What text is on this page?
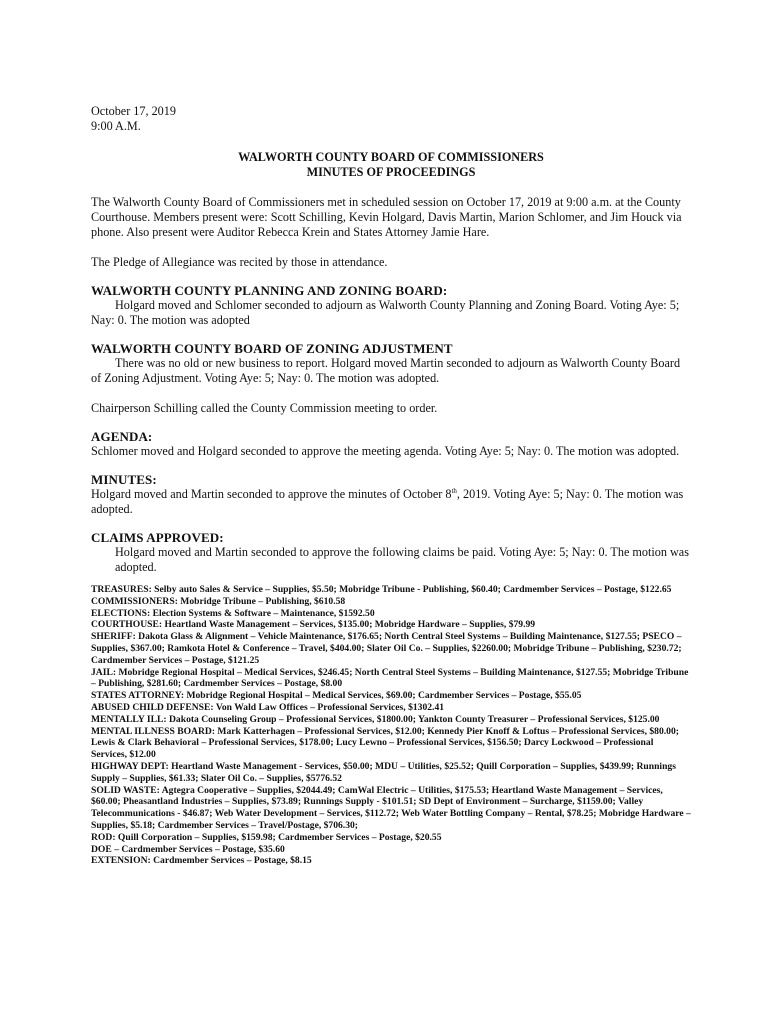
October 17, 2019
9:00 A.M.
WALWORTH COUNTY BOARD OF COMMISSIONERS
MINUTES OF PROCEEDINGS

The Walworth County Board of Commissioners met in scheduled session on October 17, 2019 at 9:00 a.m. at the County Courthouse. Members present were: Scott Schilling, Kevin Holgard, Davis Martin, Marion Schlomer, and Jim Houck via phone. Also present were Auditor Rebecca Krein and States Attorney Jamie Hare.

The Pledge of Allegiance was recited by those in attendance.

WALWORTH COUNTY PLANNING AND ZONING BOARD:

Holgard moved and Schlomer seconded to adjourn as Walworth County Planning and Zoning Board. Voting Aye: 5; Nay: 0. The motion was adopted

WALWORTH COUNTY BOARD OF ZONING ADJUSTMENT

There was no old or new business to report. Holgard moved Martin seconded to adjourn as Walworth County Board of Zoning Adjustment. Voting Aye: 5; Nay: 0. The motion was adopted.

Chairperson Schilling called the County Commission meeting to order.

AGENDA:

Schlomer moved and Holgard seconded to approve the meeting agenda. Voting Aye: 5; Nay: 0. The motion was adopted.

MINUTES:

Holgard moved and Martin seconded to approve the minutes of October 8th, 2019. Voting Aye: 5; Nay: 0. The motion was adopted.

CLAIMS APPROVED:

Holgard moved and Martin seconded to approve the following claims be paid. Voting Aye: 5; Nay: 0. The motion was adopted.

TREASURES: Selby auto Sales & Service – Supplies, $5.50; Mobridge Tribune - Publishing, $60.40; Cardmember Services – Postage, $122.65
COMMISSIONERS: Mobridge Tribune – Publishing, $610.58
ELECTIONS: Election Systems & Software – Maintenance, $1592.50
COURTHOUSE: Heartland Waste Management – Services, $135.00; Mobridge Hardware – Supplies, $79.99
SHERIFF: Dakota Glass & Alignment – Vehicle Maintenance, $176.65; North Central Steel Systems – Building Maintenance, $127.55; PSECO – Supplies, $367.00; Ramkota Hotel & Conference – Travel, $404.00; Slater Oil Co. – Supplies, $2260.00; Mobridge Tribune – Publishing, $230.72; Cardmember Services – Postage, $121.25
JAIL: Mobridge Regional Hospital – Medical Services, $246.45; North Central Steel Systems – Building Maintenance, $127.55; Mobridge Tribune – Publishing, $281.60; Cardmember Services – Postage, $8.00
STATES ATTORNEY: Mobridge Regional Hospital – Medical Services, $69.00; Cardmember Services – Postage, $55.05
ABUSED CHILD DEFENSE: Von Wald Law Offices – Professional Services, $1302.41
MENTALLY ILL: Dakota Counseling Group – Professional Services, $1800.00; Yankton County Treasurer – Professional Services, $125.00
MENTAL ILLNESS BOARD: Mark Katterhagen – Professional Services, $12.00; Kennedy Pier Knoff & Loftus – Professional Services, $80.00; Lewis & Clark Behavioral – Professional Services, $178.00; Lucy Lewno – Professional Services, $156.50; Darcy Lockwood – Professional Services, $12.00
HIGHWAY DEPT: Heartland Waste Management - Services, $50.00; MDU – Utilities, $25.52; Quill Corporation – Supplies, $439.99; Runnings Supply – Supplies, $61.33; Slater Oil Co. – Supplies, $5776.52
SOLID WASTE: Agtegra Cooperative – Supplies, $2044.49; CamWal Electric – Utilities, $175.53; Heartland Waste Management – Services, $60.00; Pheasantland Industries – Supplies, $73.89; Runnings Supply - $101.51; SD Dept of Environment – Surcharge, $1159.00; Valley Telecommunications - $46.87; Web Water Development – Services, $112.72; Web Water Bottling Company – Rental, $78.25; Mobridge Hardware – Supplies, $5.18; Cardmember Services – Travel/Postage, $706.30;
ROD: Quill Corporation – Supplies, $159.98; Cardmember Services – Postage, $20.55
DOE – Cardmember Services – Postage, $35.60
EXTENSION: Cardmember Services – Postage, $8.15
